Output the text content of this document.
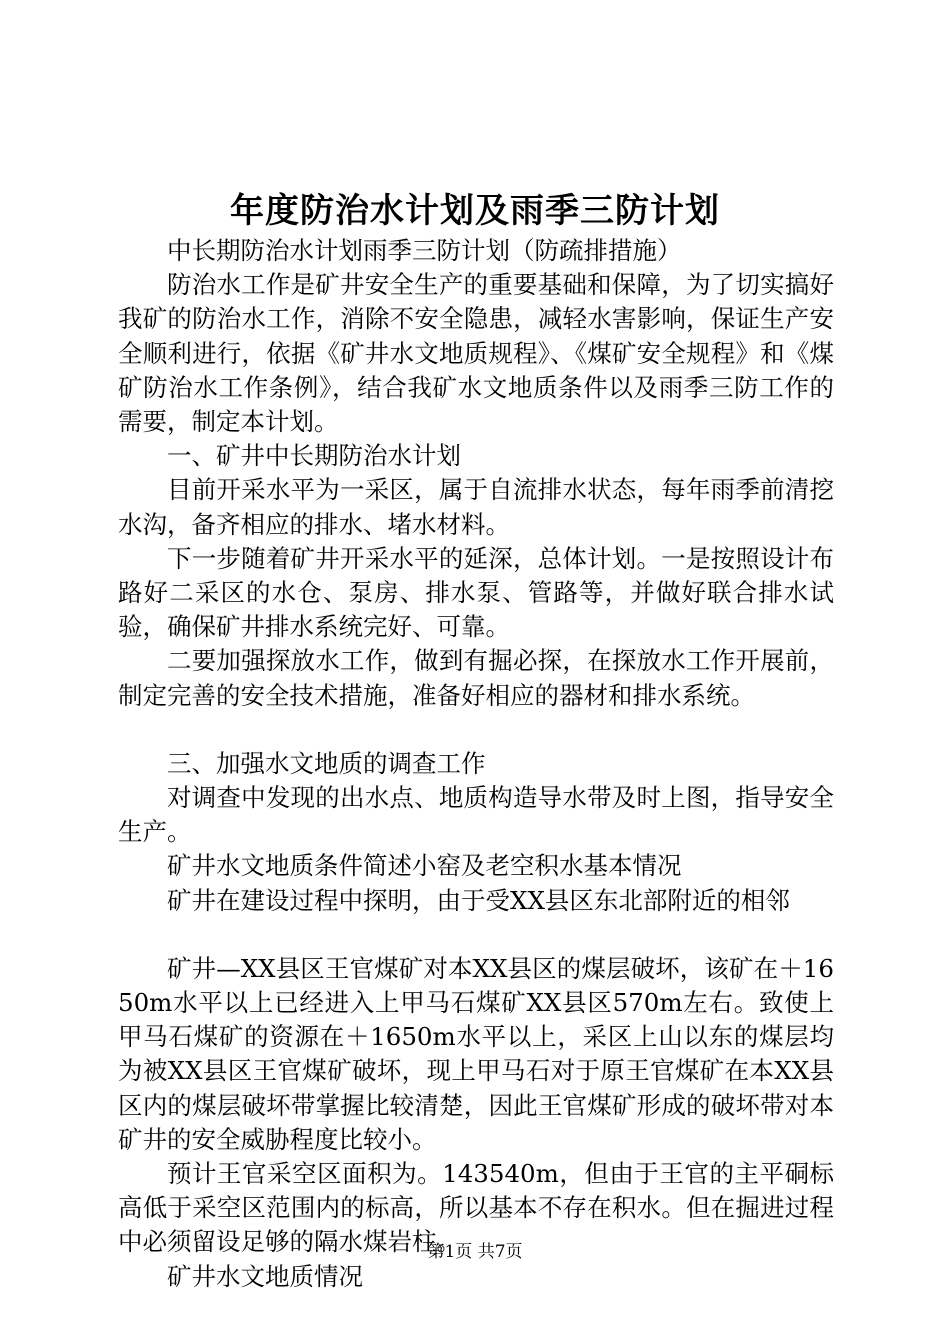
年度防治水计划及雨季三防计划

中长期防治水计划雨季三防计划（防疏排措施）

防治水工作是矿井安全生产的重要基础和保障，为了切实搞好我矿的防治水工作，消除不安全隐患，减轻水害影响，保证生产安全顺利进行，依据《矿井水文地质规程》、《煤矿安全规程》和《煤矿防治水工作条例》，结合我矿水文地质条件以及雨季三防工作的需要，制定本计划。

一、矿井中长期防治水计划

目前开采水平为一采区，属于自流排水状态，每年雨季前清挖水沟，备齐相应的排水、堵水材料。

下一步随着矿井开采水平的延深，总体计划。一是按照设计布路好二采区的水仓、泵房、排水泵、管路等，并做好联合排水试验，确保矿井排水系统完好、可靠。

二要加强探放水工作，做到有掘必探，在探放水工作开展前，制定完善的安全技术措施，准备好相应的器材和排水系统。

三、加强水文地质的调查工作

对调查中发现的出水点、地质构造导水带及时上图，指导安全生产。

矿井水文地质条件简述小窑及老空积水基本情况

矿井在建设过程中探明，由于受XX县区东北部附近的相邻

矿井—XX县区王官煤矿对本XX县区的煤层破坏，该矿在＋1650m水平以上已经进入上甲马石煤矿XX县区570m左右。致使上甲马石煤矿的资源在＋1650m水平以上，采区上山以东的煤层均为被XX县区王官煤矿破坏，现上甲马石对于原王官煤矿在本XX县区内的煤层破坏带掌握比较清楚，因此王官煤矿形成的破坏带对本矿井的安全威胁程度比较小。

预计王官采空区面积为。143540m，但由于王官的主平硐标高低于采空区范围内的标高，所以基本不存在积水。但在掘进过程中必须留设足够的隔水煤岩柱。

矿井水文地质情况

第1页 共7页
